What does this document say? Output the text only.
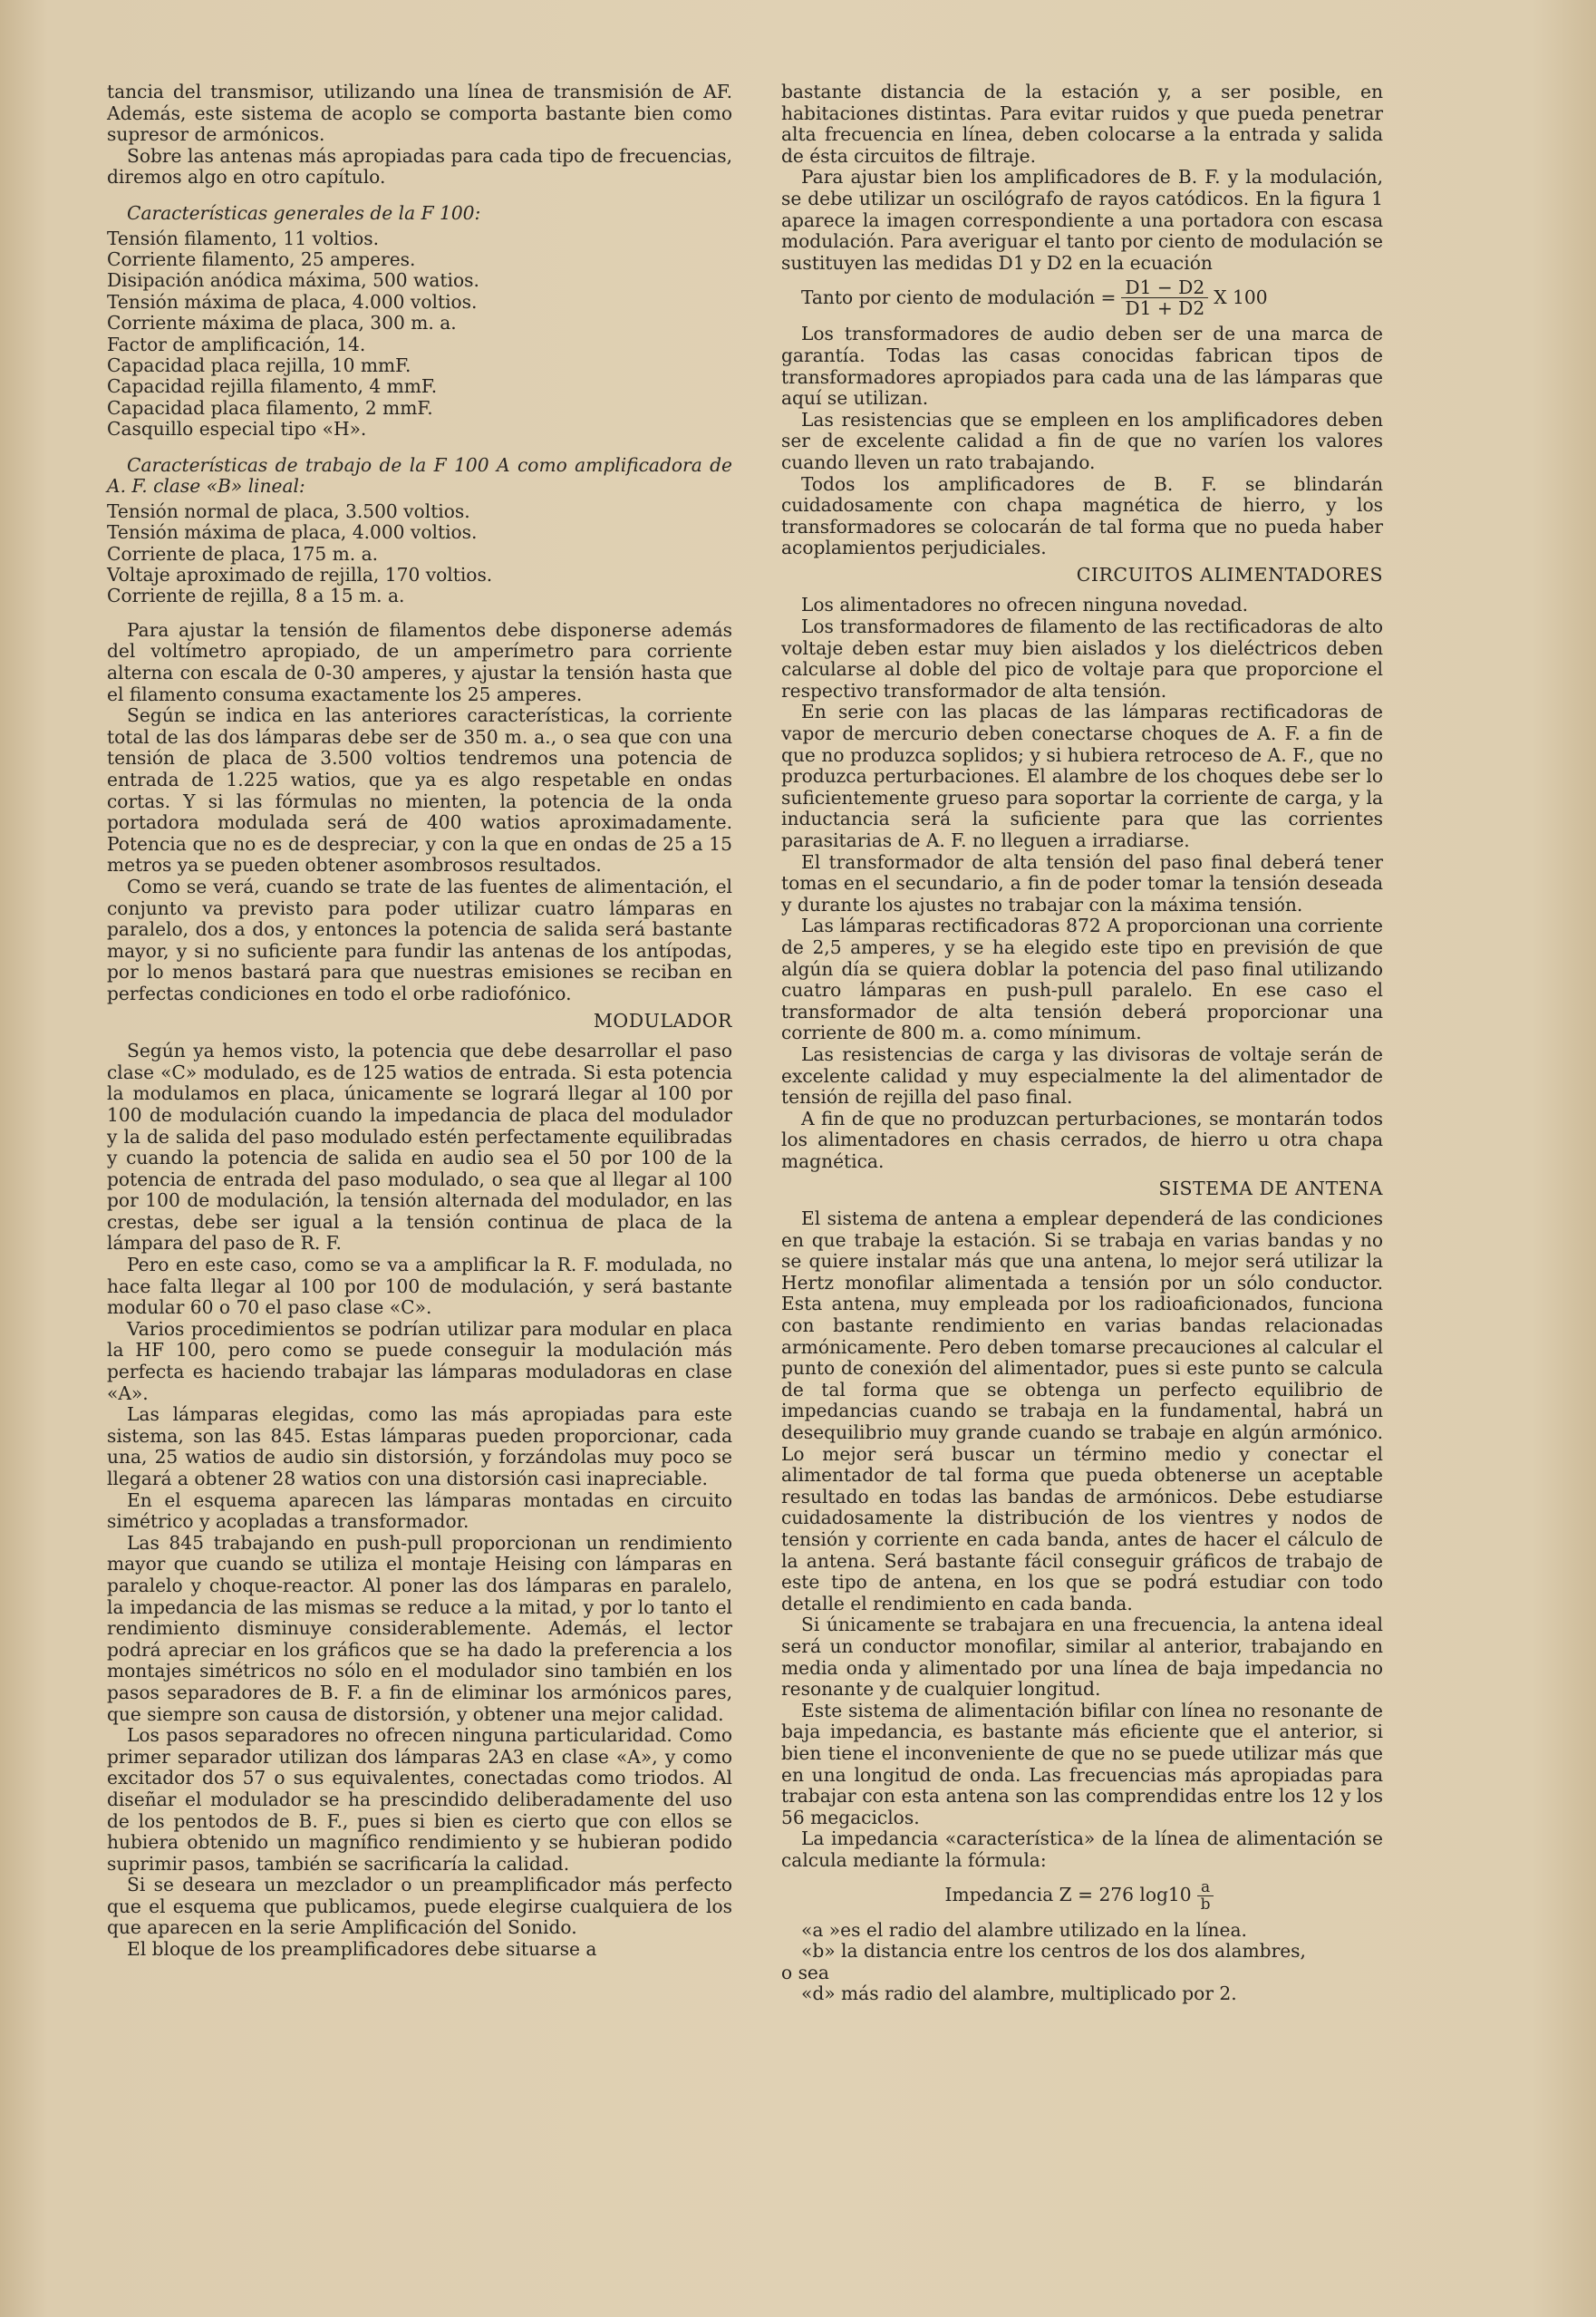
tancia del transmisor, utilizando una línea de transmisión de AF. Además, este sistema de acoplo se comporta bastante bien como supresor de armónicos.

Sobre las antenas más apropiadas para cada tipo de frecuencias, diremos algo en otro capítulo.

Características generales de la F 100:

Tensión filamento, 11 voltios.
Corriente filamento, 25 amperes.
Disipación anódica máxima, 500 watios.
Tensión máxima de placa, 4.000 voltios.
Corriente máxima de placa, 300 m. a.
Factor de amplificación, 14.
Capacidad placa rejilla, 10 mmF.
Capacidad rejilla filamento, 4 mmF.
Capacidad placa filamento, 2 mmF.
Casquillo especial tipo «H».

Características de trabajo de la F 100 A como amplificadora de A. F. clase «B» lineal:

Tensión normal de placa, 3.500 voltios.
Tensión máxima de placa, 4.000 voltios.
Corriente de placa, 175 m. a.
Voltaje aproximado de rejilla, 170 voltios.
Corriente de rejilla, 8 a 15 m. a.

Para ajustar la tensión de filamentos debe disponerse además del voltímetro apropiado, de un amperímetro para corriente alterna con escala de 0-30 amperes, y ajustar la tensión hasta que el filamento consuma exactamente los 25 amperes.

Según se indica en las anteriores características, la corriente total de las dos lámparas debe ser de 350 m. a., o sea que con una tensión de placa de 3.500 voltios tendremos una potencia de entrada de 1.225 watios, que ya es algo respetable en ondas cortas. Y si las fórmulas no mienten, la potencia de la onda portadora modulada será de 400 watios aproximadamente. Potencia que no es de despreciar, y con la que en ondas de 25 a 15 metros ya se pueden obtener asombrosos resultados.

Como se verá, cuando se trate de las fuentes de alimentación, el conjunto va previsto para poder utilizar cuatro lámparas en paralelo, dos a dos, y entonces la potencia de salida será bastante mayor, y si no suficiente para fundir las antenas de los antípodas, por lo menos bastará para que nuestras emisiones se reciban en perfectas condiciones en todo el orbe radiofónico.

MODULADOR

Según ya hemos visto, la potencia que debe desarrollar el paso clase «C» modulado, es de 125 watios de entrada. Si esta potencia la modulamos en placa, únicamente se logrará llegar al 100 por 100 de modulación cuando la impedancia de placa del modulador y la de salida del paso modulado estén perfectamente equilibradas y cuando la potencia de salida en audio sea el 50 por 100 de la potencia de entrada del paso modulado, o sea que al llegar al 100 por 100 de modulación, la tensión alternada del modulador, en las crestas, debe ser igual a la tensión continua de placa de la lámpara del paso de R. F.

Pero en este caso, como se va a amplificar la R. F. modulada, no hace falta llegar al 100 por 100 de modulación, y será bastante modular 60 o 70 el paso clase «C».

Varios procedimientos se podrían utilizar para modular en placa la HF 100, pero como se puede conseguir la modulación más perfecta es haciendo trabajar las lámparas moduladoras en clase «A».

Las lámparas elegidas, como las más apropiadas para este sistema, son las 845. Estas lámparas pueden proporcionar, cada una, 25 watios de audio sin distorsión, y forzándolas muy poco se llegará a obtener 28 watios con una distorsión casi inapreciable.

En el esquema aparecen las lámparas montadas en circuito simétrico y acopladas a transformador.

Las 845 trabajando en push-pull proporcionan un rendimiento mayor que cuando se utiliza el montaje Heising con lámparas en paralelo y choque-reactor. Al poner las dos lámparas en paralelo, la impedancia de las mismas se reduce a la mitad, y por lo tanto el rendimiento disminuye considerablemente. Además, el lector podrá apreciar en los gráficos que se ha dado la preferencia a los montajes simétricos no sólo en el modulador sino también en los pasos separadores de B. F. a fin de eliminar los armónicos pares, que siempre son causa de distorsión, y obtener una mejor calidad.

Los pasos separadores no ofrecen ninguna particularidad. Como primer separador utilizan dos lámparas 2A3 en clase «A», y como excitador dos 57 o sus equivalentes, conectadas como triodos. Al diseñar el modulador se ha prescindido deliberadamente del uso de los pentodos de B. F., pues si bien es cierto que con ellos se hubiera obtenido un magnífico rendimiento y se hubieran podido suprimir pasos, también se sacrificaría la calidad.

Si se deseara un mezclador o un preamplificador más perfecto que el esquema que publicamos, puede elegirse cualquiera de los que aparecen en la serie Amplificación del Sonido.

El bloque de los preamplificadores debe situarse a

bastante distancia de la estación y, a ser posible, en habitaciones distintas. Para evitar ruidos y que pueda penetrar alta frecuencia en línea, deben colocarse a la entrada y salida de ésta circuitos de filtraje.

Para ajustar bien los amplificadores de B. F. y la modulación, se debe utilizar un oscilógrafo de rayos catódicos. En la figura 1 aparece la imagen correspondiente a una portadora con escasa modulación. Para averiguar el tanto por ciento de modulación se sustituyen las medidas D1 y D2 en la ecuación

Tanto por ciento de modulación = $\frac{D1 - D2}{D1 + D2}$ X 100

Los transformadores de audio deben ser de una marca de garantía. Todas las casas conocidas fabrican tipos de transformadores apropiados para cada una de las lámparas que aquí se utilizan.

Las resistencias que se empleen en los amplificadores deben ser de excelente calidad a fin de que no varíen los valores cuando lleven un rato trabajando.

Todos los amplificadores de B. F. se blindarán cuidadosamente con chapa magnética de hierro, y los transformadores se colocarán de tal forma que no pueda haber acoplamientos perjudiciales.

CIRCUITOS ALIMENTADORES

Los alimentadores no ofrecen ninguna novedad.

Los transformadores de filamento de las rectificadoras de alto voltaje deben estar muy bien aislados y los dieléctricos deben calcularse al doble del pico de voltaje para que proporcione el respectivo transformador de alta tensión.

En serie con las placas de las lámparas rectificadoras de vapor de mercurio deben conectarse choques de A. F. a fin de que no produzca soplidos; y si hubiera retroceso de A. F., que no produzca perturbaciones. El alambre de los choques debe ser lo suficientemente grueso para soportar la corriente de carga, y la inductancia será la suficiente para que las corrientes parasitarias de A. F. no lleguen a irradiarse.

El transformador de alta tensión del paso final deberá tener tomas en el secundario, a fin de poder tomar la tensión deseada y durante los ajustes no trabajar con la máxima tensión.

Las lámparas rectificadoras 872 A proporcionan una corriente de 2,5 amperes, y se ha elegido este tipo en previsión de que algún día se quiera doblar la potencia del paso final utilizando cuatro lámparas en push-pull paralelo. En ese caso el transformador de alta tensión deberá proporcionar una corriente de 800 m. a. como mínimum.

Las resistencias de carga y las divisoras de voltaje serán de excelente calidad y muy especialmente la del alimentador de tensión de rejilla del paso final.

A fin de que no produzcan perturbaciones, se montarán todos los alimentadores en chasis cerrados, de hierro u otra chapa magnética.

SISTEMA DE ANTENA

El sistema de antena a emplear dependerá de las condiciones en que trabaje la estación. Si se trabaja en varias bandas y no se quiere instalar más que una antena, lo mejor será utilizar la Hertz monofilar alimentada a tensión por un sólo conductor. Esta antena, muy empleada por los radioaficionados, funciona con bastante rendimiento en varias bandas relacionadas armónicamente. Pero deben tomarse precauciones al calcular el punto de conexión del alimentador, pues si este punto se calcula de tal forma que se obtenga un perfecto equilibrio de impedancias cuando se trabaja en la fundamental, habrá un desequilibrio muy grande cuando se trabaje en algún armónico. Lo mejor será buscar un término medio y conectar el alimentador de tal forma que pueda obtenerse un aceptable resultado en todas las bandas de armónicos. Debe estudiarse cuidadosamente la distribución de los vientres y nodos de tensión y corriente en cada banda, antes de hacer el cálculo de la antena. Será bastante fácil conseguir gráficos de trabajo de este tipo de antena, en los que se podrá estudiar con todo detalle el rendimiento en cada banda.

Si únicamente se trabajara en una frecuencia, la antena ideal será un conductor monofilar, similar al anterior, trabajando en media onda y alimentado por una línea de baja impedancia no resonante y de cualquier longitud.

Este sistema de alimentación bifilar con línea no resonante de baja impedancia, es bastante más eficiente que el anterior, si bien tiene el inconveniente de que no se puede utilizar más que en una longitud de onda. Las frecuencias más apropiadas para trabajar con esta antena son las comprendidas entre los 12 y los 56 megaciclos.

La impedancia «característica» de la línea de alimentación se calcula mediante la fórmula:

Impedancia Z = 276 $\log 10 \frac{a}{b}$

«a »es el radio del alambre utilizado en la línea.

«b» la distancia entre los centros de los dos alambres,

o sea

«d» más radio del alambre, multiplicado por 2.
